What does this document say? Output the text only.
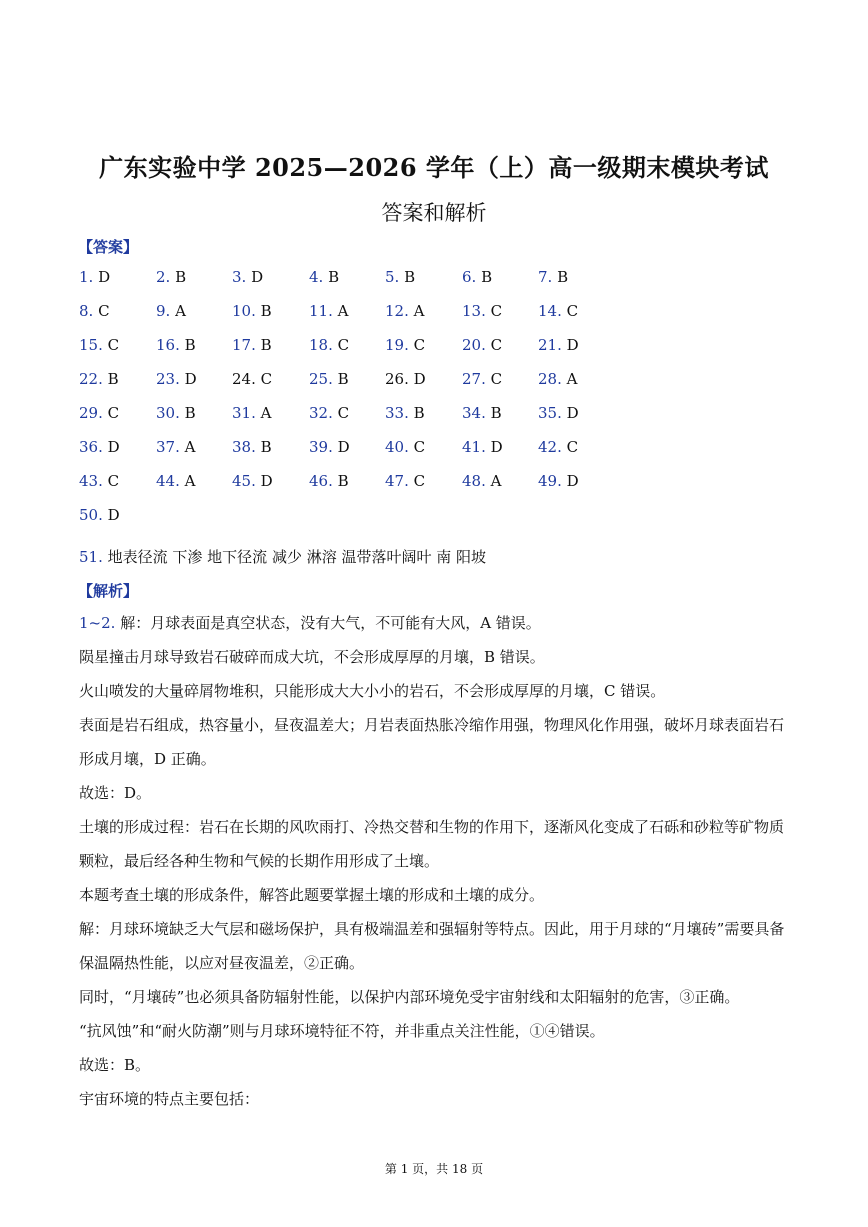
广东实验中学 2025—2026 学年（上）高一级期末模块考试
答案和解析
【答案】
1. D	2. B	3. D	4. B	5. B	6. B	7. B
8. C	9. A	10. B 11. A 12. A	13. C 14. C
15. C 16. B 17. B 18. C 19. C 20. C 21. D
22. B 23. D 24. C 25. B 26. D 27. C 28. A
29. C 30. B 31. A	32. C 33. B 34. B 35. D
36. D 37. A 38. B 39. D 40. C 41. D 42. C
43. C 44. A 45. D 46. B 47. C 48. A 49. D
50. D
51. 地表径流 下渗 地下径流 减少 淋溶 温带落叶阔叶 南 阳坡
【解析】
1~2. 解：月球表面是真空状态，没有大气，不可能有大风，A 错误。
陨星撞击月球导致岩石破碎而成大坑，不会形成厚厚的月壤，B 错误。
火山喷发的大量碎屑物堆积，只能形成大大小小的岩石，不会形成厚厚的月壤，C 错误。
表面是岩石组成，热容量小，昼夜温差大；月岩表面热胀冷缩作用强，物理风化作用强，破坏月球表面岩石形成月壤，D 正确。
故选：D。
土壤的形成过程：岩石在长期的风吹雨打、冷热交替和生物的作用下，逐渐风化变成了石砾和砂粒等矿物质颗粒，最后经各种生物和气候的长期作用形成了土壤。
本题考查土壤的形成条件，解答此题要掌握土壤的形成和土壤的成分。
解：月球环境缺乏大气层和磁场保护，具有极端温差和强辐射等特点。因此，用于月球的“月壤砖”需要具备保温隔热性能，以应对昼夜温差，②正确。
同时，“月壤砖”也必须具备防辐射性能，以保护内部环境免受宇宙射线和太阳辐射的危害，③正确。
“抗风蚀”和“耐火防潮”则与月球环境特征不符，并非重点关注性能，①④错误。
故选：B。
宇宙环境的特点主要包括：
第 1 页，共 18 页
